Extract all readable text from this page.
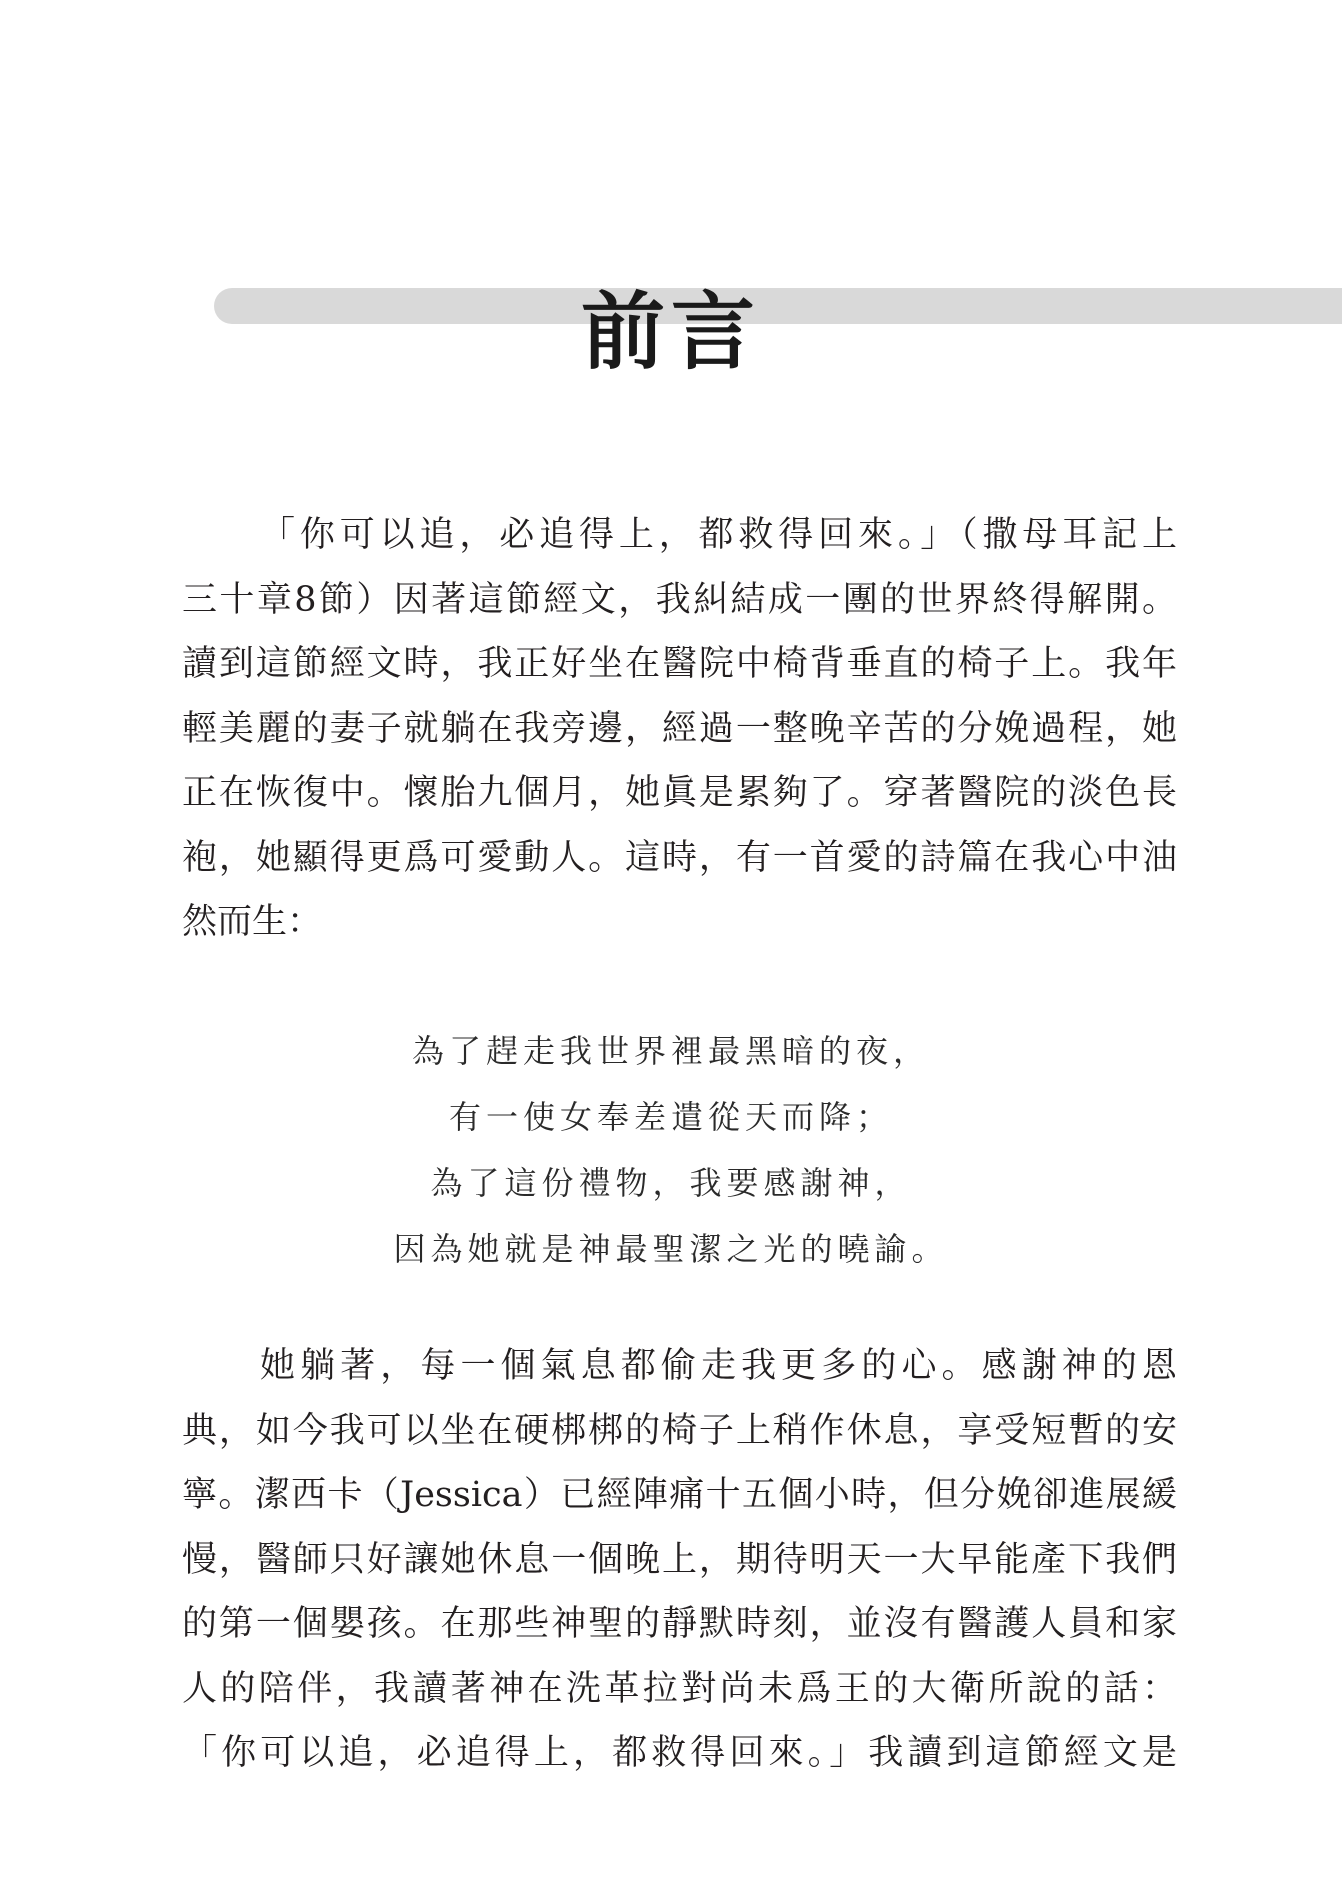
前言

「你可以追，必追得上，都救得回來。」（撒母耳記上
三十章8節）因著這節經文，我糾結成一團的世界終得解開。
讀到這節經文時，我正好坐在醫院中椅背垂直的椅子上。我年
輕美麗的妻子就躺在我旁邊，經過一整晚辛苦的分娩過程，她
正在恢復中。懷胎九個月，她眞是累夠了。穿著醫院的淡色長
袍，她顯得更爲可愛動人。這時，有一首愛的詩篇在我心中油
然而生：

為了趕走我世界裡最黑暗的夜，
有一使女奉差遣從天而降；
為了這份禮物，我要感謝神，
因為她就是神最聖潔之光的曉諭。

她躺著，每一個氣息都偷走我更多的心。感謝神的恩
典，如今我可以坐在硬梆梆的椅子上稍作休息，享受短暫的安
寧。潔西卡（Jessica）已經陣痛十五個小時，但分娩卻進展緩
慢，醫師只好讓她休息一個晚上，期待明天一大早能產下我們
的第一個嬰孩。在那些神聖的靜默時刻，並沒有醫護人員和家
人的陪伴，我讀著神在洗革拉對尚未爲王的大衛所說的話：
「你可以追，必追得上，都救得回來。」我讀到這節經文是
